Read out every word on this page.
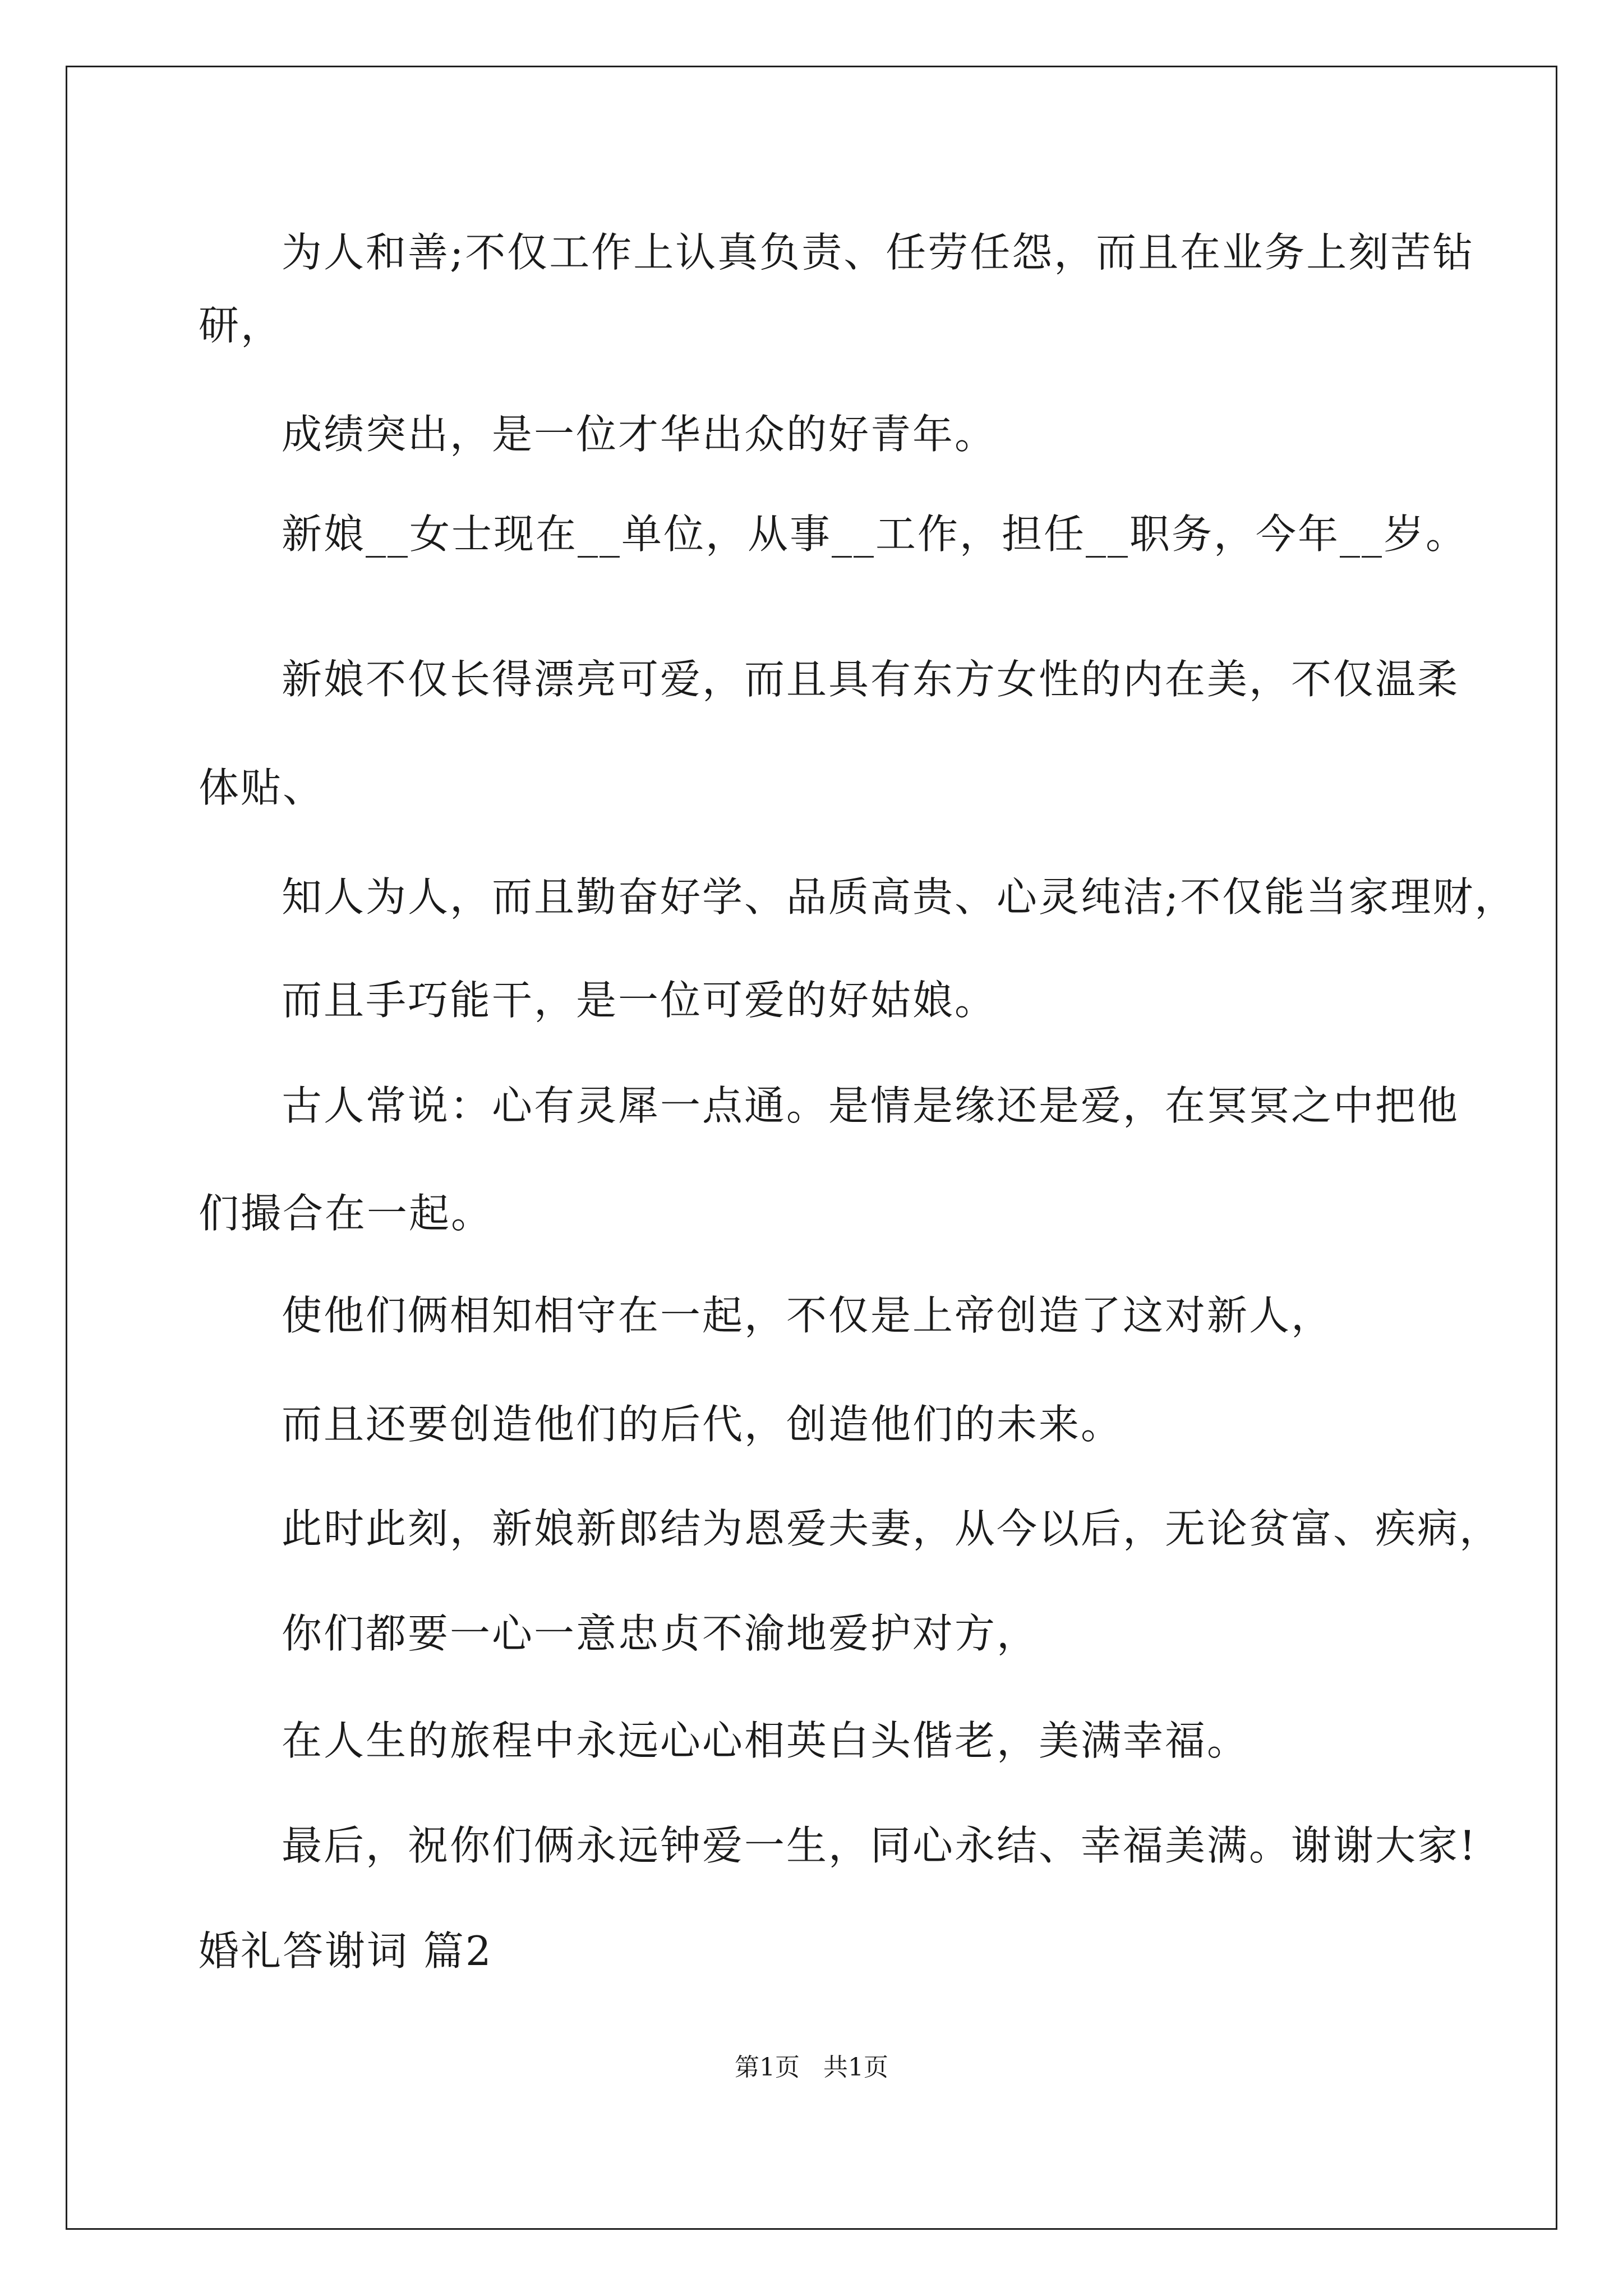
为人和善;不仅工作上认真负责、任劳任怨，而且在业务上刻苦钻
研，
成绩突出，是一位才华出众的好青年。
新娘__女士现在__单位，从事__工作，担任__职务，今年__岁。
新娘不仅长得漂亮可爱，而且具有东方女性的内在美，不仅温柔
体贴、
知人为人，而且勤奋好学、品质高贵、心灵纯洁;不仅能当家理财，
而且手巧能干，是一位可爱的好姑娘。
古人常说：心有灵犀一点通。是情是缘还是爱，在冥冥之中把他
们撮合在一起。
使他们俩相知相守在一起，不仅是上帝创造了这对新人，
而且还要创造他们的后代，创造他们的未来。
此时此刻，新娘新郎结为恩爱夫妻，从今以后，无论贫富、疾病，
你们都要一心一意忠贞不渝地爱护对方，
在人生的旅程中永远心心相英白头偕老，美满幸福。
最后，祝你们俩永远钟爱一生，同心永结、幸福美满。谢谢大家!
婚礼答谢词 篇2
第1页   共1页
